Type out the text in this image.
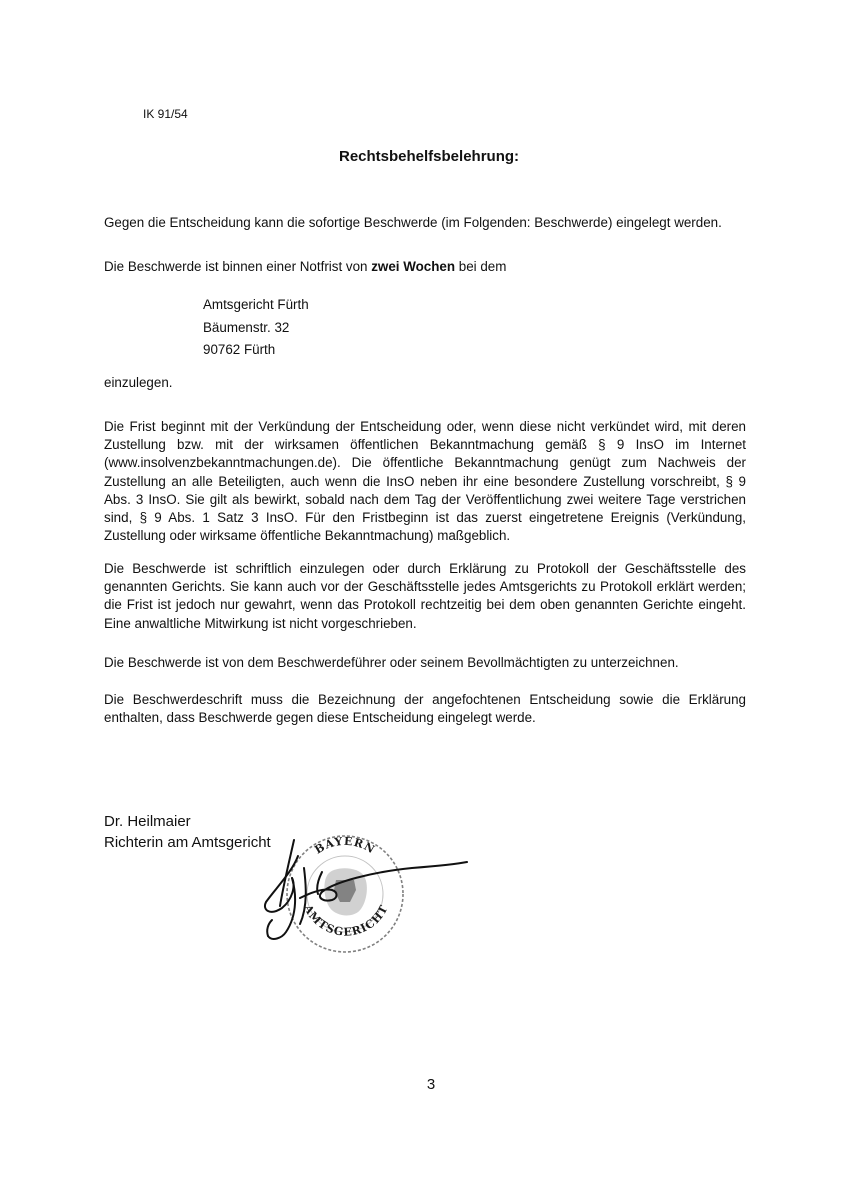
IK 91/54
Rechtsbehelfsbelehrung:
Gegen die Entscheidung kann die sofortige Beschwerde (im Folgenden: Beschwerde) eingelegt werden.
Die Beschwerde ist binnen einer Notfrist von zwei Wochen bei dem
Amtsgericht Fürth
Bäumenstr. 32
90762 Fürth
einzulegen.
Die Frist beginnt mit der Verkündung der Entscheidung oder, wenn diese nicht verkündet wird, mit deren Zustellung bzw. mit der wirksamen öffentlichen Bekanntmachung gemäß § 9 InsO im Internet (www.insolvenzbekanntmachungen.de). Die öffentliche Bekanntmachung genügt zum Nachweis der Zustellung an alle Beteiligten, auch wenn die InsO neben ihr eine besondere Zustellung vorschreibt, § 9 Abs. 3 InsO. Sie gilt als bewirkt, sobald nach dem Tag der Veröffentlichung zwei weitere Tage verstrichen sind, § 9 Abs. 1 Satz 3 InsO. Für den Fristbeginn ist das zuerst eingetretene Ereignis (Verkündung, Zustellung oder wirksame öffentliche Bekanntmachung) maßgeblich.
Die Beschwerde ist schriftlich einzulegen oder durch Erklärung zu Protokoll der Geschäftsstelle des genannten Gerichts. Sie kann auch vor der Geschäftsstelle jedes Amtsgerichts zu Protokoll erklärt werden; die Frist ist jedoch nur gewahrt, wenn das Protokoll rechtzeitig bei dem oben genannten Gerichte eingeht. Eine anwaltliche Mitwirkung ist nicht vorgeschrieben.
Die Beschwerde ist von dem Beschwerdeführer oder seinem Bevollmächtigten zu unterzeichnen.
Die Beschwerdeschrift muss die Bezeichnung der angefochtenen Entscheidung sowie die Erklärung enthalten, dass Beschwerde gegen diese Entscheidung eingelegt werde.
Dr. Heilmaier
Richterin am Amtsgericht	BAYERN
AMTSGERICHT
3
